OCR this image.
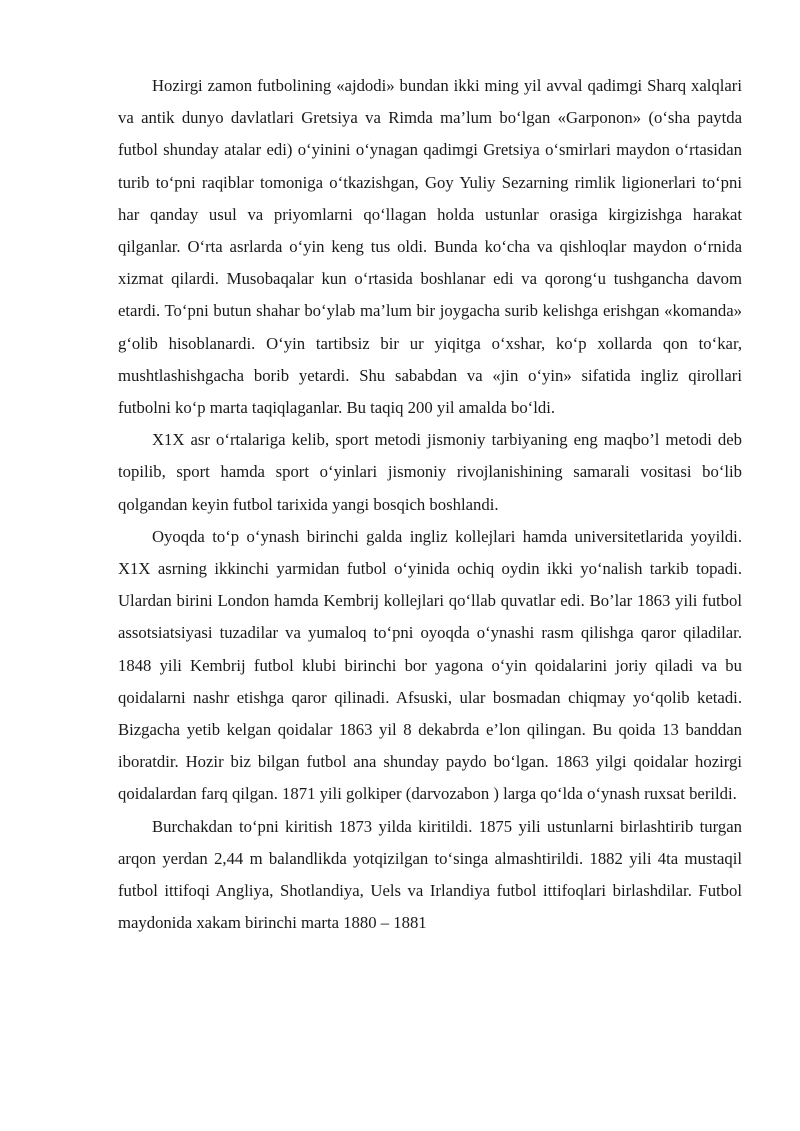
Hozirgi zamon futbolining «ajdodi» bundan ikki ming yil avval qadimgi Sharq xalqlari va antik dunyo davlatlari Gretsiya va Rimda ma’lum bo‘lgan «Garponon» (o‘sha paytda futbol shunday atalar edi) o‘yinini o‘ynagan qadimgi Gretsiya o‘smirlari maydon o‘rtasidan turib to‘pni raqiblar tomoniga o‘tkazishgan, Goy Yuliy Sezarning rimlik ligionerlari to‘pni har qanday usul va priyomlarni qo‘llagan holda ustunlar orasiga kirgizishga harakat qilganlar. O‘rta asrlarda o‘yin keng tus oldi. Bunda ko‘cha va qishloqlar maydon o‘rnida xizmat qilardi. Musobaqalar kun o‘rtasida boshlanar edi va qorong‘u tushgancha davom etardi. To‘pni butun shahar bo‘ylab ma’lum bir joygacha surib kelishga erishgan «komanda» g‘olib hisoblanardi. O‘yin tartibsiz bir ur yiqitga o‘xshar, ko‘p xollarda qon to‘kar, mushtlashishgacha borib yetardi. Shu sababdan va «jin o‘yin» sifatida ingliz qirollari futbolni ko‘p marta taqiqlaganlar. Bu taqiq 200 yil amalda bo‘ldi.

X1X asr o‘rtalariga kelib, sport metodi jismoniy tarbiyaning eng maqbo’l metodi deb topilib, sport hamda sport o‘yinlari jismoniy rivojlanishining samarali vositasi bo‘lib qolgandan keyin futbol tarixida yangi bosqich boshlandi.

Oyoqda to‘p o‘ynash birinchi galda ingliz kollejlari hamda universitetlarida yoyildi. X1X asrning ikkinchi yarmidan futbol o‘yinida ochiq oydin ikki yo‘nalish tarkib topadi. Ulardan birini London hamda Kembrij kollejlari qo‘llab quvatlar edi. Bo’lar 1863 yili futbol assotsiatsiyasi tuzadilar va yumaloq to‘pni oyoqda o‘ynashi rasm qilishga qaror qiladilar. 1848 yili Kembrij futbol klubi birinchi bor yagona o‘yin qoidalarini joriy qiladi va bu qoidalarni nashr etishga qaror qilinadi. Afsuski, ular bosmadan chiqmay yo‘qolib ketadi. Bizgacha yetib kelgan qoidalar 1863 yil 8 dekabrda e’lon qilingan. Bu qoida 13 banddan iboratdir. Hozir biz bilgan futbol ana shunday paydo bo‘lgan. 1863 yilgi qoidalar hozirgi qoidalardan farq qilgan. 1871 yili golkiper (darvozabon ) larga qo‘lda o‘ynash ruxsat berildi.

Burchakdan to‘pni kiritish 1873 yilda kiritildi. 1875 yili ustunlarni birlashtirib turgan arqon yerdan 2,44 m balandlikda yotqizilgan to‘singa almashtirildi. 1882 yili 4ta mustaqil futbol ittifoqi Angliya, Shotlandiya, Uels va Irlandiya futbol ittifoqlari birlashdilar. Futbol maydonida xakam birinchi marta 1880 – 1881
